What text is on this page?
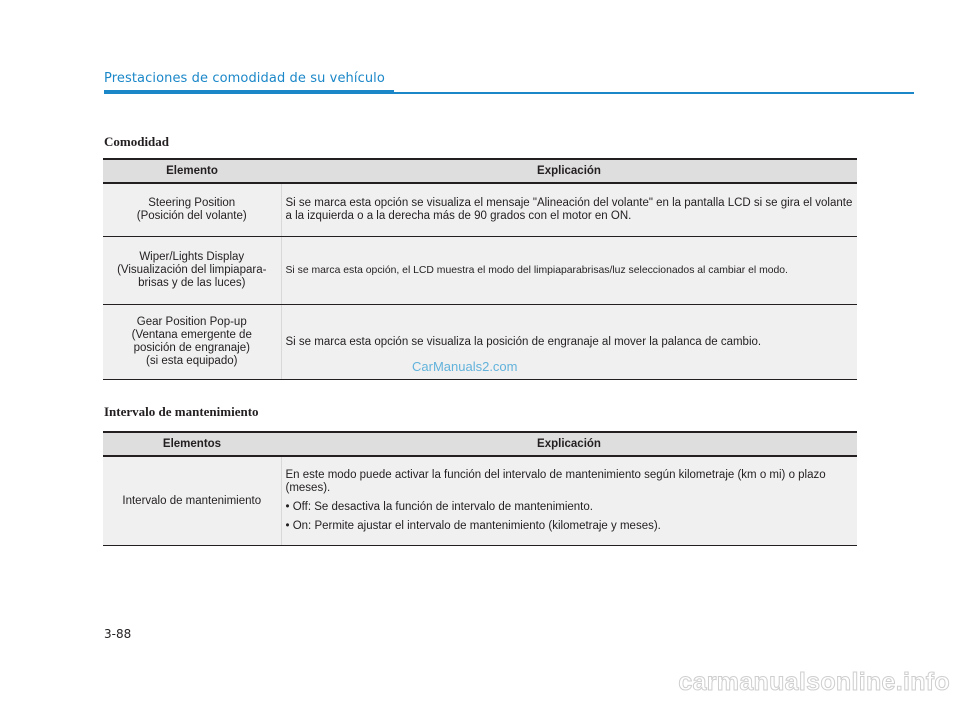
Prestaciones de comodidad de su vehículo
Comodidad
Elemento	Explicación

Steering Position
(Posición del volante)	Si se marca esta opción se visualiza el mensaje "Alineación del volante" en la pantalla LCD si se gira el volante a la izquierda o a la derecha más de 90 grados con el motor en ON.

Wiper/Lights Display
(Visualización del limpiapara-
brisas y de las luces)	Si se marca esta opción, el LCD muestra el modo del limpiaparabrisas/luz seleccionados al cambiar el modo.

Gear Position Pop-up
(Ventana emergente de
posición de engranaje)
(si esta equipado)	Si se marca esta opción se visualiza la posición de engranaje al mover la palanca de cambio.
CarManuals2.com
Intervalo de mantenimiento
Elementos	Explicación
Intervalo de mantenimiento	En este modo puede activar la función del intervalo de mantenimiento según kilometraje (km o mi) o plazo (meses).
• Off: Se desactiva la función de intervalo de mantenimiento.
• On: Permite ajustar el intervalo de mantenimiento (kilometraje y meses).
3-88
carmanualsonline.info
